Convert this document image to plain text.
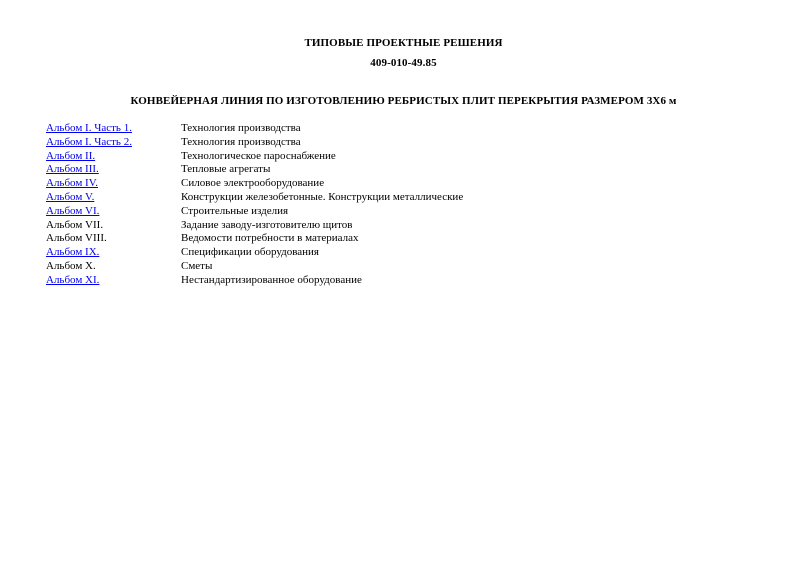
ТИПОВЫЕ ПРОЕКТНЫЕ РЕШЕНИЯ
409-010-49.85
КОНВЕЙЕРНАЯ ЛИНИЯ ПО ИЗГОТОВЛЕНИЮ РЕБРИСТЫХ ПЛИТ ПЕРЕКРЫТИЯ РАЗМЕРОМ 3Х6 м
Альбом I. Часть 1.	Технология производства
Альбом I. Часть 2.	Технология производства
Альбом II.	Технологическое пароснабжение
Альбом III.	Тепловые агрегаты
Альбом IV.	Силовое электрооборудование
Альбом V.	Конструкции железобетонные. Конструкции металлические
Альбом VI.	Строительные изделия
Альбом VII.	Задание заводу-изготовителю щитов
Альбом VIII.	Ведомости потребности в материалах
Альбом IX.	Спецификации оборудования
Альбом X.	Сметы
Альбом XI.	Нестандартизированное оборудование
